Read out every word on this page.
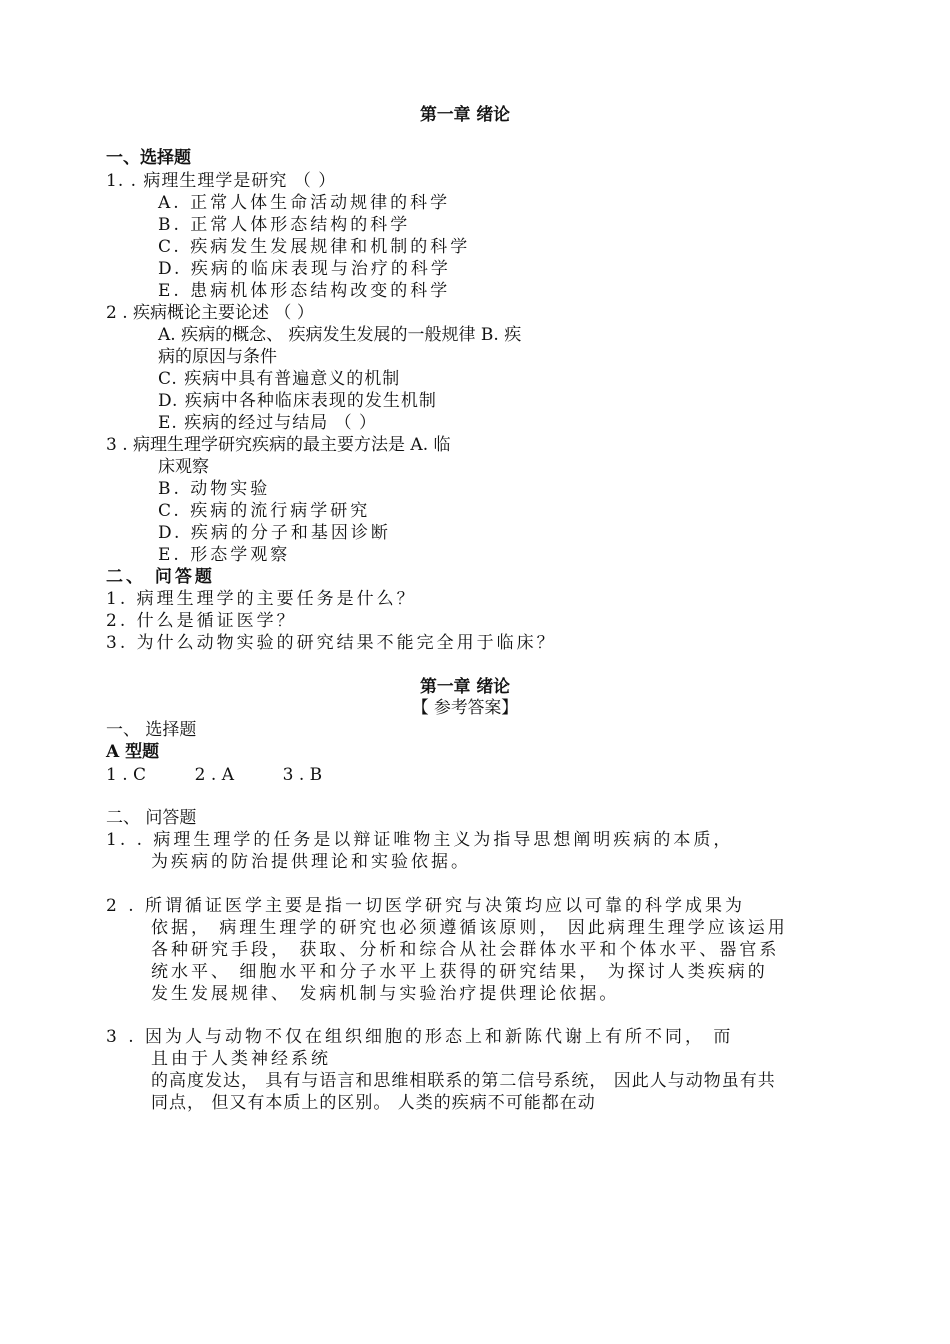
第一章 绪论
一、选择题
1. . 病理生理学是研究 （ ）
A. 正常人体生命活动规律的科学
B. 正常人体形态结构的科学
C. 疾病发生发展规律和机制的科学
D. 疾病的临床表现与治疗的科学
E. 患病机体形态结构改变的科学
2 . 疾病概论主要论述 （ ）
A. 疾病的概念、 疾病发生发展的一般规律 B. 疾
病的原因与条件
C. 疾病中具有普遍意义的机制
D. 疾病中各种临床表现的发生机制
E. 疾病的经过与结局 （ ）
3 . 病理生理学研究疾病的最主要方法是 A. 临
床观察
B. 动物实验
C. 疾病的流行病学研究
D. 疾病的分子和基因诊断
E. 形态学观察
二、 问答题
1. 病理生理学的主要任务是什么？
2. 什么是循证医学？
3. 为什么动物实验的研究结果不能完全用于临床？
第一章 绪论
【 参考答案】
一、 选择题
A 型题
1 . C         2 . A         3 . B
二、 问答题
1. . 病理生理学的任务是以辩证唯物主义为指导思想阐明疾病的本质，
为疾病的防治提供理论和实验依据。
2 . 所谓循证医学主要是指一切医学研究与决策均应以可靠的科学成果为
依据， 病理生理学的研究也必须遵循该原则， 因此病理生理学应该运用
各种研究手段， 获取、分析和综合从社会群体水平和个体水平、器官系
统水平、 细胞水平和分子水平上获得的研究结果， 为探讨人类疾病的
发生发展规律、 发病机制与实验治疗提供理论依据。
3 . 因为人与动物不仅在组织细胞的形态上和新陈代谢上有所不同， 而
且由于人类神经系统
的高度发达， 具有与语言和思维相联系的第二信号系统， 因此人与动物虽有共
同点， 但又有本质上的区别。 人类的疾病不可能都在动
